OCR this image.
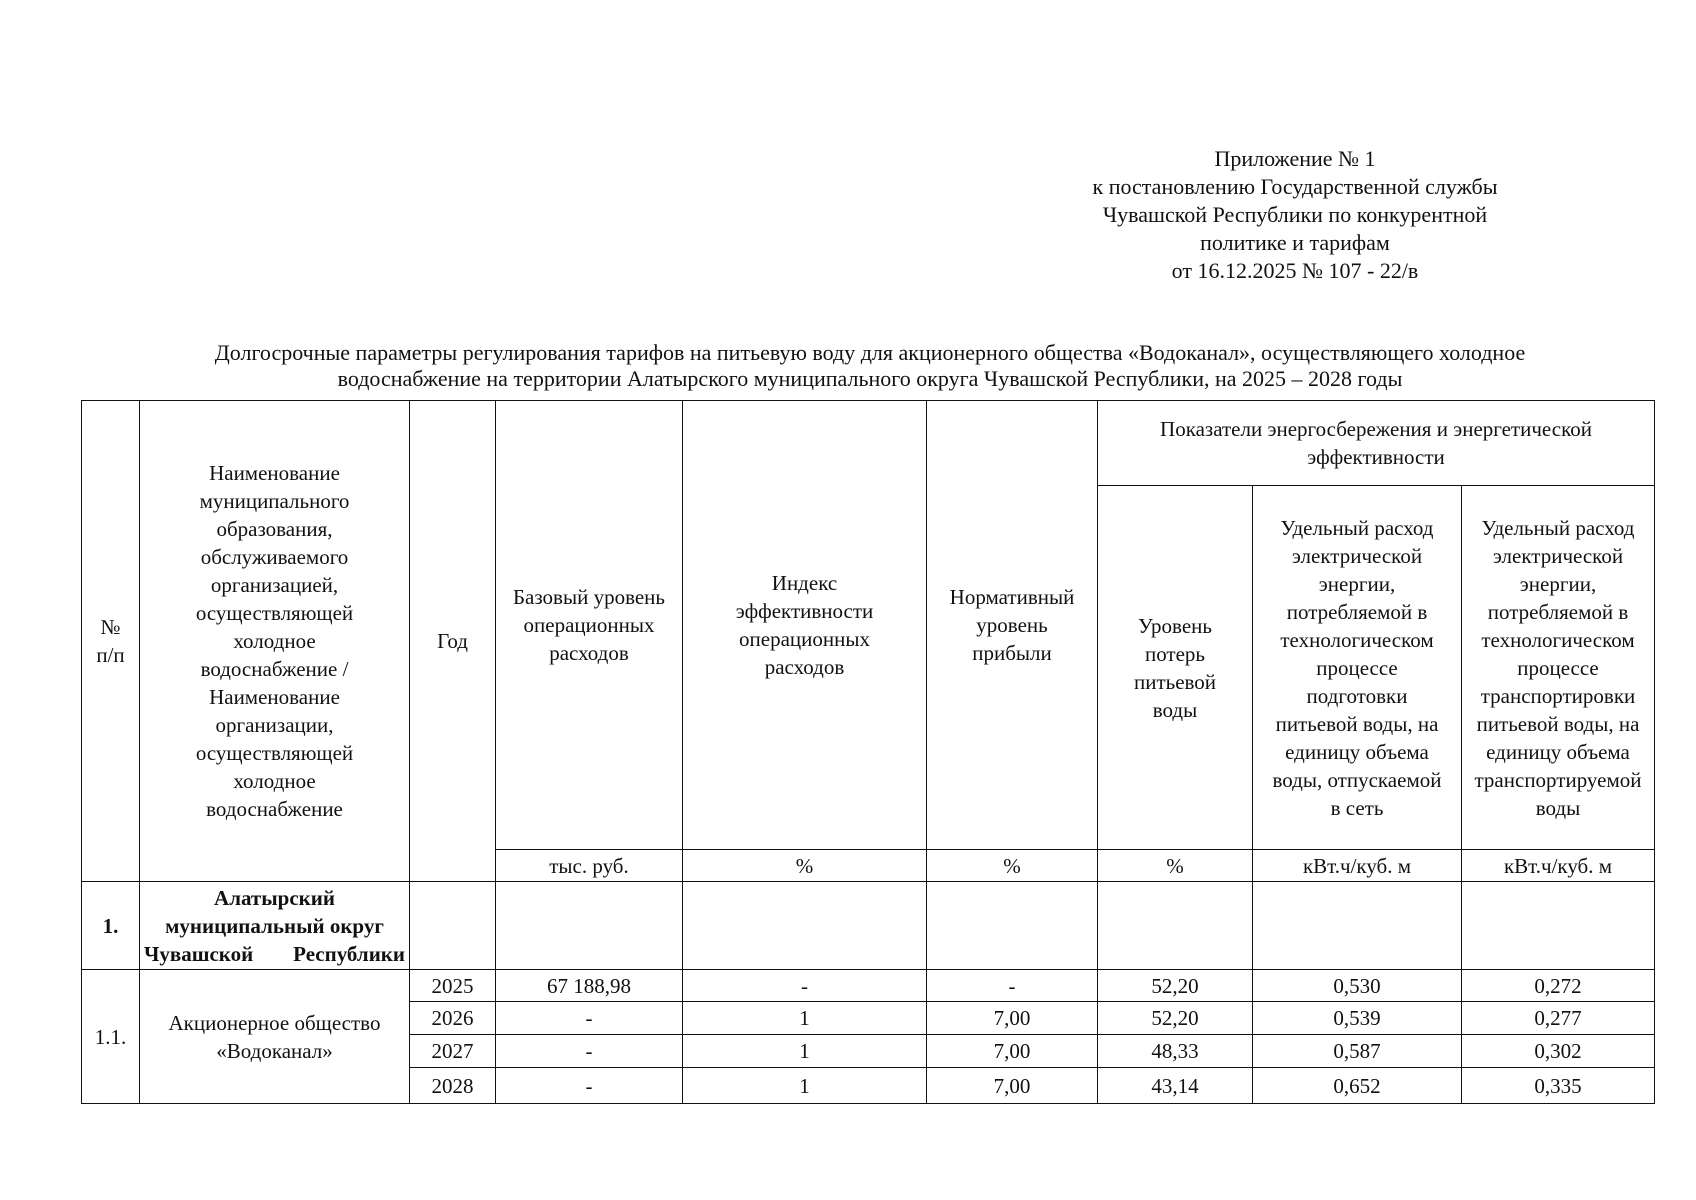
Приложение № 1
к постановлению Государственной службы
Чувашской Республики по конкурентной
политике и тарифам
от 16.12.2025 № 107 - 22/в
Долгосрочные параметры регулирования тарифов на питьевую воду для акционерного общества «Водоканал», осуществляющего холодное
водоснабжение на территории Алатырского муниципального округа Чувашской Республики, на 2025 – 2028 годы
№ п/п	Наименование муниципального образования, обслуживаемого организацией, осуществляющей холодное водоснабжение / Наименование организации, осуществляющей холодное водоснабжение	Год	Базовый уровень операционных расходов	Индекс эффективности операционных расходов	Нормативный уровень прибыли	Показатели энергосбережения и энергетической эффективности		
						Уровень потерь питьевой воды	Удельный расход электрической энергии, потребляемой в технологическом процессе подготовки питьевой воды, на единицу объема воды, отпускаемой в сеть	Удельный расход электрической энергии, потребляемой в технологическом процессе транспортировки питьевой воды, на единицу объема транспортируемой воды
			тыс. руб.	%	%	%	кВт.ч/куб. м	кВт.ч/куб. м
1.	Алатырский муниципальный округ Чувашской Республики							
1.1.	Акционерное общество «Водоканал»	2025	67 188,98	-	-	52,20	0,530	0,272
		2026	-	1	7,00	52,20	0,539	0,277
		2027	-	1	7,00	48,33	0,587	0,302
		2028	-	1	7,00	43,14	0,652	0,335
